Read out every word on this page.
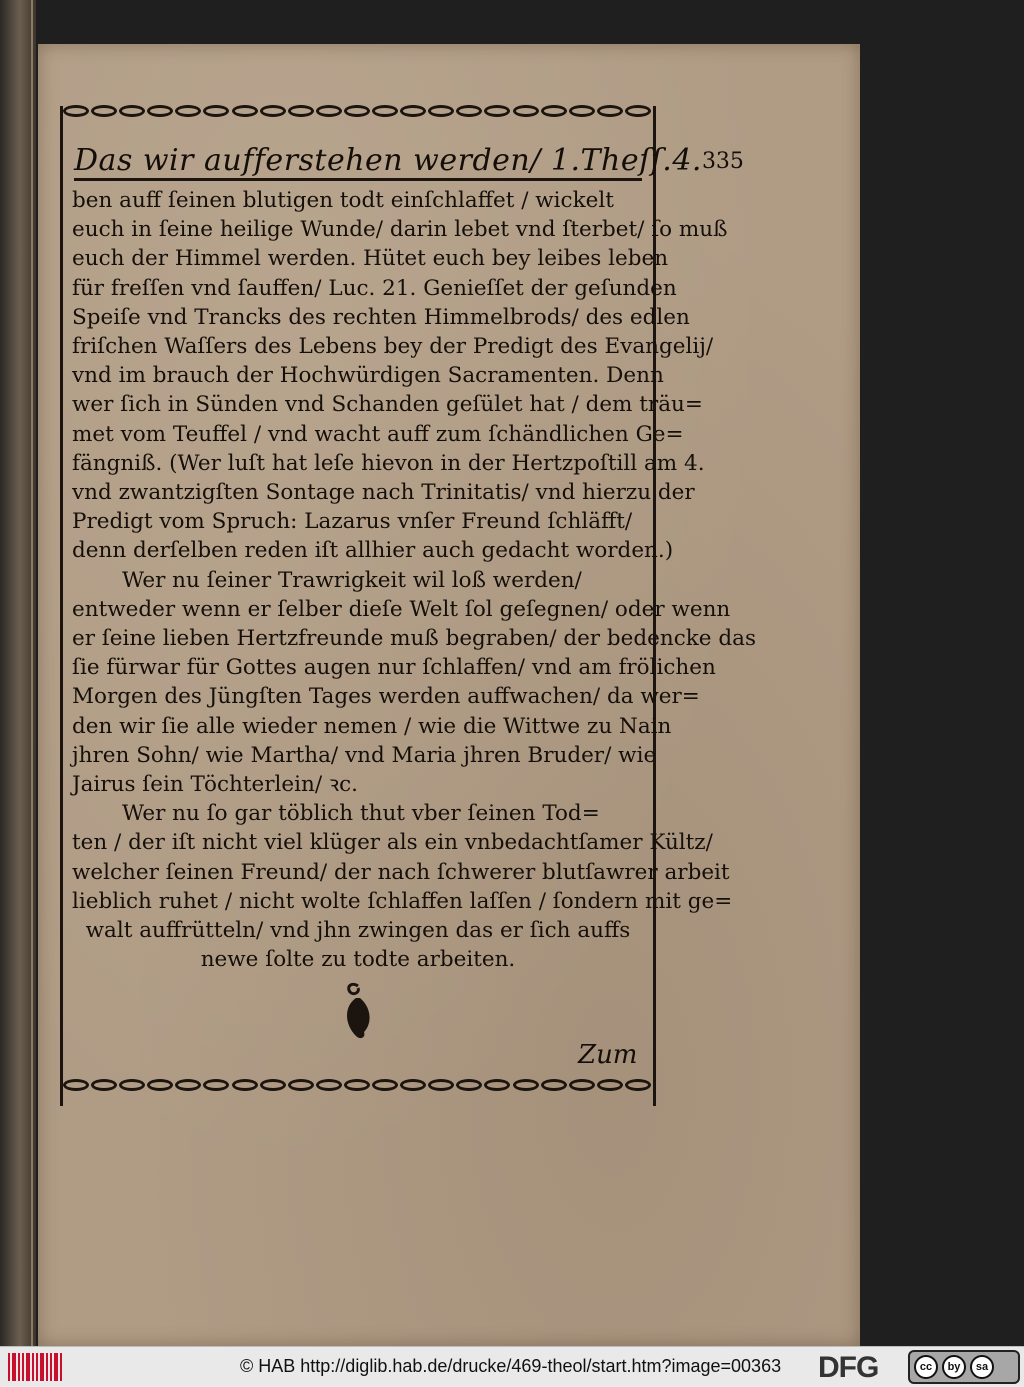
Das wir aufferstehen werden/ 1.Theſſ.4. 335
ben auff ſeinen blutigen todt einſchlaffet / wickelt
euch in ſeine heilige Wunde/ darin lebet vnd ſterbet/ ſo muß
euch der Himmel werden. Hütet euch bey leibes leben
für freſſen vnd ſauffen/ Luc. 21. Genieſſet der geſunden
Speiſe vnd Trancks des rechten Himmelbrods/ des edlen
friſchen Waſſers des Lebens bey der Predigt des Evangelij/
vnd im brauch der Hochwürdigen Sacramenten. Denn
wer ſich in Sünden vnd Schanden geſület hat / dem träu=
met vom Teuffel / vnd wacht auff zum ſchändlichen Ge=
fängniß. (Wer luſt hat leſe hievon in der Hertzpoſtill am 4.
vnd zwantzigſten Sontage nach Trinitatis/ vnd hierzu der
Predigt vom Spruch: Lazarus vnſer Freund ſchläfft/
denn derſelben reden iſt allhier auch gedacht worden.)
Wer nu ſeiner Trawrigkeit wil loß werden/
entweder wenn er ſelber dieſe Welt ſol geſegnen/ oder wenn
er ſeine lieben Hertzfreunde muß begraben/ der bedencke das
ſie fürwar für Gottes augen nur ſchlaffen/ vnd am frölichen
Morgen des Jüngſten Tages werden auffwachen/ da wer=
den wir ſie alle wieder nemen / wie die Wittwe zu Nain
jhren Sohn/ wie Martha/ vnd Maria jhren Bruder/ wie
Jairus ſein Töchterlein/ ꝛc.
Wer nu ſo gar töblich thut vber ſeinen Tod=
ten / der iſt nicht viel klüger als ein vnbedachtſamer Kültz/
welcher ſeinen Freund/ der nach ſchwerer blutſawrer arbeit
lieblich ruhet / nicht wolte ſchlaffen laſſen / ſondern mit ge=
walt auffrütteln/ vnd jhn zwingen das er ſich auffs
newe ſolte zu todte arbeiten.
Zum
© HAB http://diglib.hab.de/drucke/469-theol/start.htm?image=00363 DFG	cc	by	sa
